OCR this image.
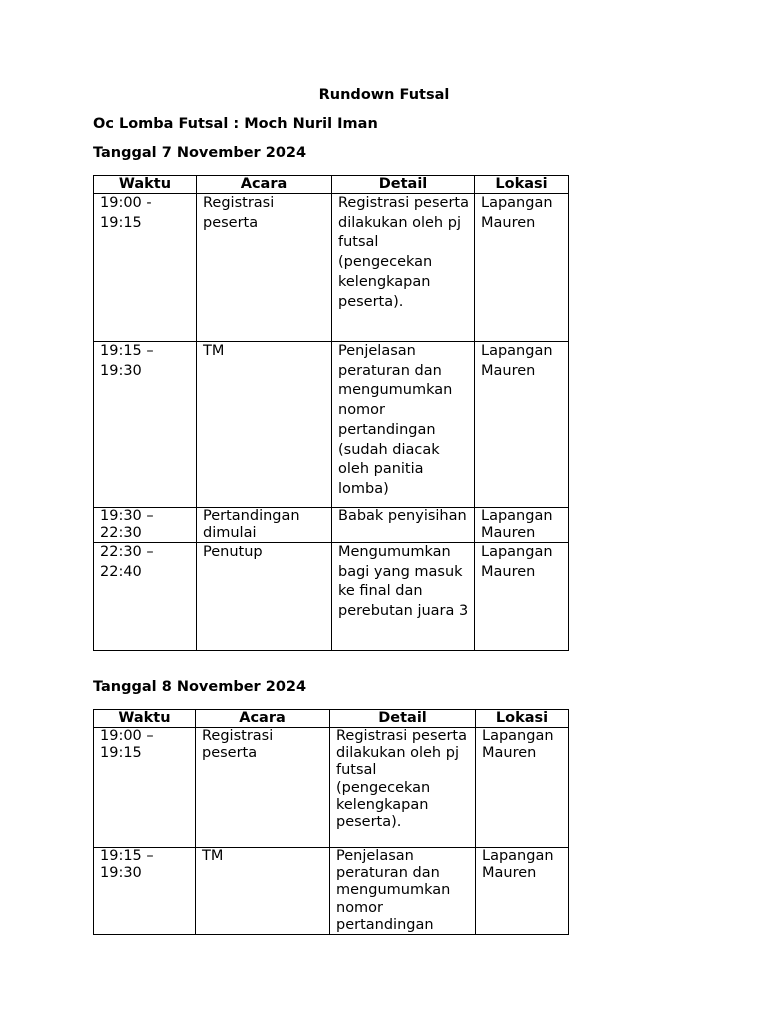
Rundown Futsal
Oc Lomba Futsal : Moch Nuril Iman
Tanggal 7 November 2024
Waktu	Acara	Detail	Lokasi
19:00 - 19:15	Registrasi peserta	Registrasi peserta dilakukan oleh pj futsal (pengecekan kelengkapan peserta).	Lapangan Mauren
19:15 – 19:30	TM	Penjelasan peraturan dan mengumumkan nomor pertandingan (sudah diacak oleh panitia lomba)	Lapangan Mauren
19:30 – 22:30	Pertandingan dimulai	Babak penyisihan	Lapangan Mauren
22:30 – 22:40	Penutup	Mengumumkan bagi yang masuk ke final dan perebutan juara 3	Lapangan Mauren
Tanggal 8 November 2024
Waktu	Acara	Detail	Lokasi
19:00 – 19:15	Registrasi peserta	Registrasi peserta dilakukan oleh pj futsal (pengecekan kelengkapan peserta).	Lapangan Mauren
19:15 – 19:30	TM	Penjelasan peraturan dan mengumumkan nomor pertandingan	Lapangan Mauren
